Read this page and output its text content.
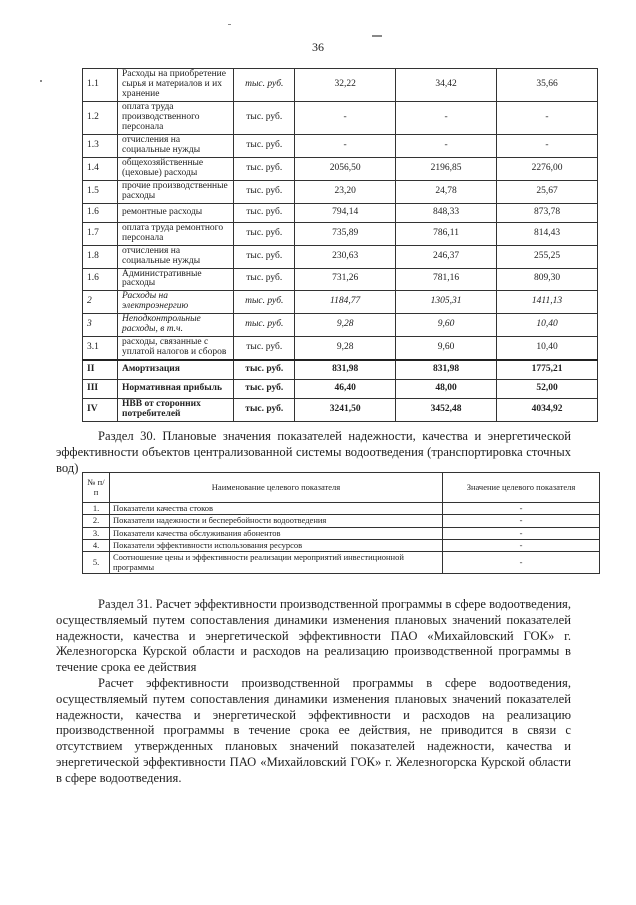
36
1.1	Расходы на приобретение сырья и материалов и их хранение	тыс. руб.	32,22	34,42	35,66
1.2	оплата труда производственного персонала	тыс. руб.	-	-	-
1.3	отчисления на социальные нужды	тыс. руб.	-	-	-
1.4	общехозяйственные (цеховые) расходы	тыс. руб.	2056,50	2196,85	2276,00
1.5	прочие производственные расходы	тыс. руб.	23,20	24,78	25,67
1.6	ремонтные расходы	тыс. руб.	794,14	848,33	873,78
1.7	оплата труда ремонтного персонала	тыс. руб.	735,89	786,11	814,43
1.8	отчисления на социальные нужды	тыс. руб.	230,63	246,37	255,25
1.6	Административные расходы	тыс. руб.	731,26	781,16	809,30
2	Расходы на электроэнергию	тыс. руб.	1184,77	1305,31	1411,13
3	Неподконтрольные расходы, в т.ч.	тыс. руб.	9,28	9,60	10,40
3.1	расходы, связанные с уплатой налогов и сборов	тыс. руб.	9,28	9,60	10,40
II	Амортизация	тыс. руб.	831,98	831,98	1775,21
III	Нормативная прибыль	тыс. руб.	46,40	48,00	52,00
IV	НВВ от сторонних потребителей	тыс. руб.	3241,50	3452,48	4034,92

Раздел 30. Плановые значения показателей надежности, качества и энергетической эффективности объектов централизованной системы водоотведения (транспортировка сточных вод)

№ п/п	Наименование целевого показателя	Значение целевого показателя
1.	Показатели качества стоков	-
2.	Показатели надежности и бесперебойности водоотведения	-
3.	Показатели качества обслуживания абонентов	-
4.	Показатели эффективности использования ресурсов	-
5.	Соотношение цены и эффективности реализации мероприятий инвестиционной программы	-

Раздел 31. Расчет эффективности производственной программы в сфере водоотведения, осуществляемый путем сопоставления динамики изменения плановых значений показателей надежности, качества и энергетической эффективности ПАО «Михайловский ГОК» г. Железногорска Курской области и расходов на реализацию производственной программы в течение срока ее действия

Расчет эффективности производственной программы в сфере водоотведения, осуществляемый путем сопоставления динамики изменения плановых значений показателей надежности, качества и энергетической эффективности и расходов на реализацию производственной программы в течение срока ее действия, не приводится в связи с отсутствием утвержденных плановых значений показателей надежности, качества и энергетической эффективности ПАО «Михайловский ГОК» г. Железногорска Курской области в сфере водоотведения.
